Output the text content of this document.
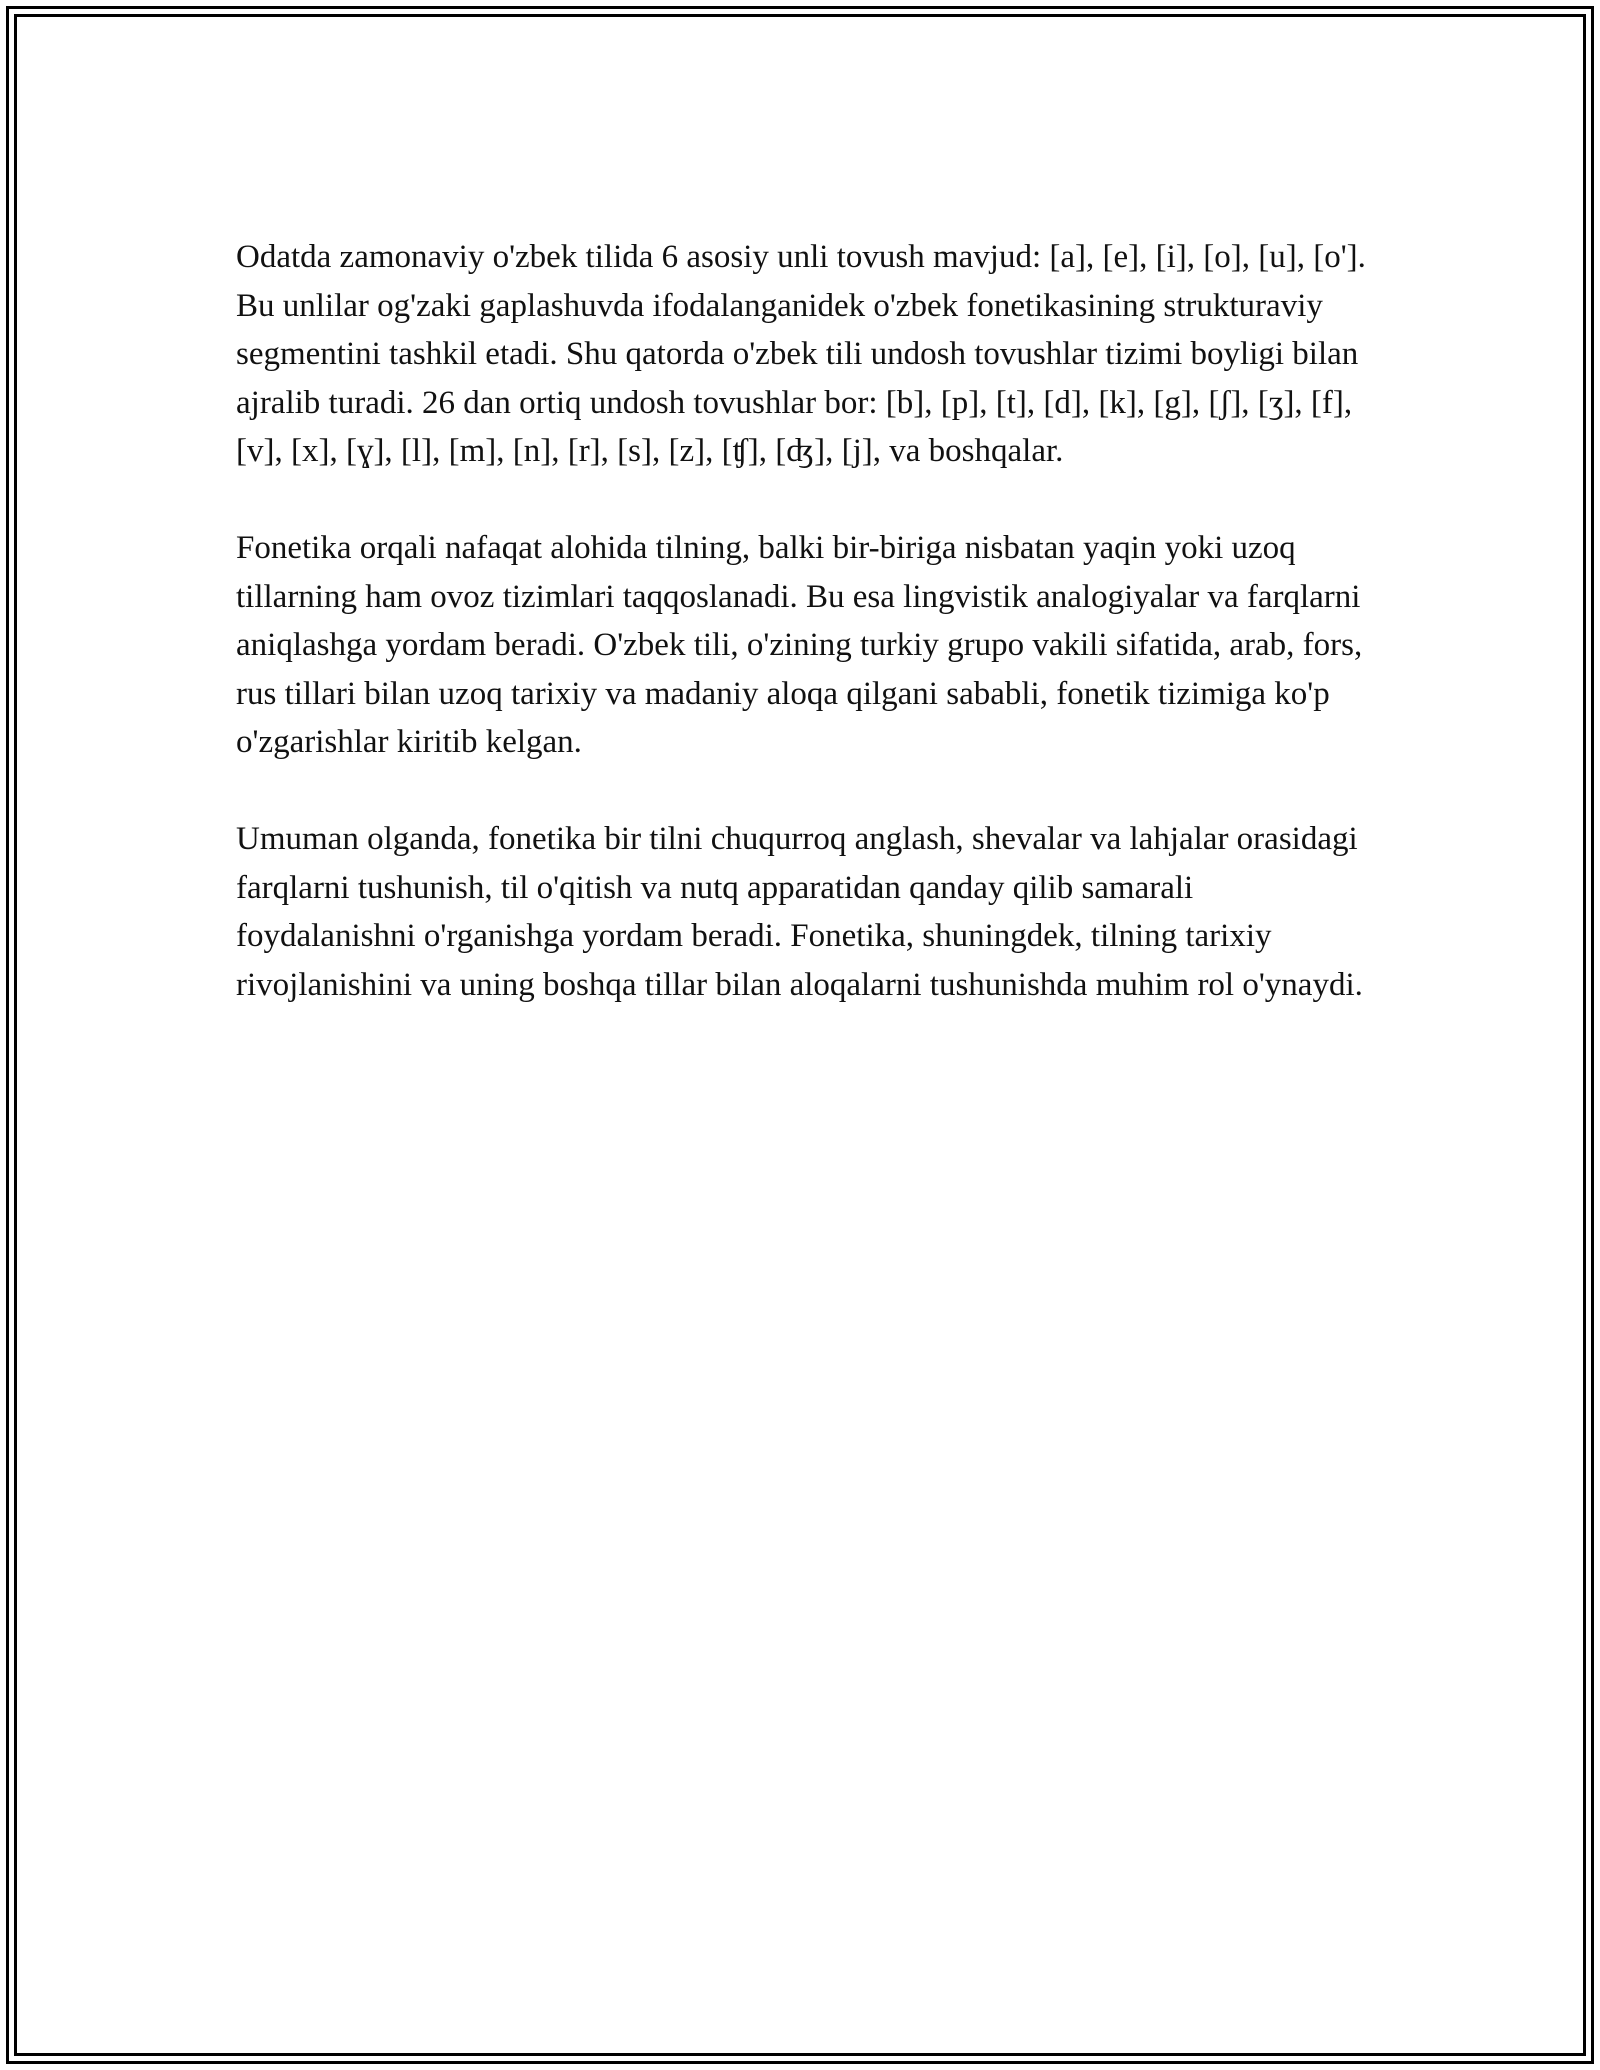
Odatda zamonaviy o'zbek tilida 6 asosiy unli tovush mavjud: [a], [e], [i], [o], [u], [o']. Bu unlilar og'zaki gaplashuvda ifodalanganidek o'zbek fonetikasining strukturaviy segmentini tashkil etadi. Shu qatorda o'zbek tili undosh tovushlar tizimi boyligi bilan ajralib turadi. 26 dan ortiq undosh tovushlar bor: [b], [p], [t], [d], [k], [g], [ʃ], [ʒ], [f], [v], [x], [ɣ], [l], [m], [n], [r], [s], [z], [ʧ], [ʤ], [j], va boshqalar.

Fonetika orqali nafaqat alohida tilning, balki bir-biriga nisbatan yaqin yoki uzoq tillarning ham ovoz tizimlari taqqoslanadi. Bu esa lingvistik analogiyalar va farqlarni aniqlashga yordam beradi. O'zbek tili, o'zining turkiy grupo vakili sifatida, arab, fors, rus tillari bilan uzoq tarixiy va madaniy aloqa qilgani sababli, fonetik tizimiga ko'p o'zgarishlar kiritib kelgan.

Umuman olganda, fonetika bir tilni chuqurroq anglash, shevalar va lahjalar orasidagi farqlarni tushunish, til o'qitish va nutq apparatidan qanday qilib samarali foydalanishni o'rganishga yordam beradi. Fonetika, shuningdek, tilning tarixiy rivojlanishini va uning boshqa tillar bilan aloqalarni tushunishda muhim rol o'ynaydi.
